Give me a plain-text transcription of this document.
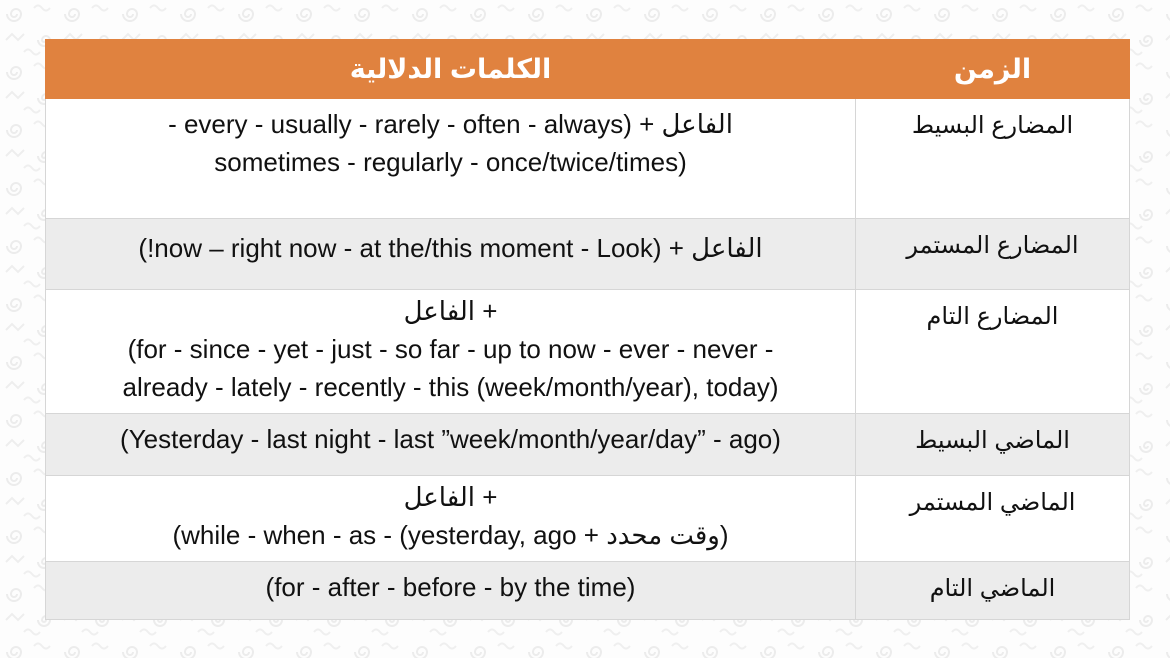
الكلمات الدلالية	الزمن

الفاعل + (every - usually - rarely - often - always -
sometimes - regularly - once/twice/times)	المضارع البسيط

الفاعل + (now – right now - at the/this moment - Look!)	المضارع المستمر

+ الفاعل
(for - since - yet - just - so far - up to now - ever - never -
already - lately - recently - this (week/month/year), today)	المضارع التام

(Yesterday - last night - last ”week/month/year/day” - ago)	الماضي البسيط

+ الفاعل
(while - when - as - (yesterday, ago + وقت محدد)	الماضي المستمر

(for - after - before - by the time)	الماضي التام
